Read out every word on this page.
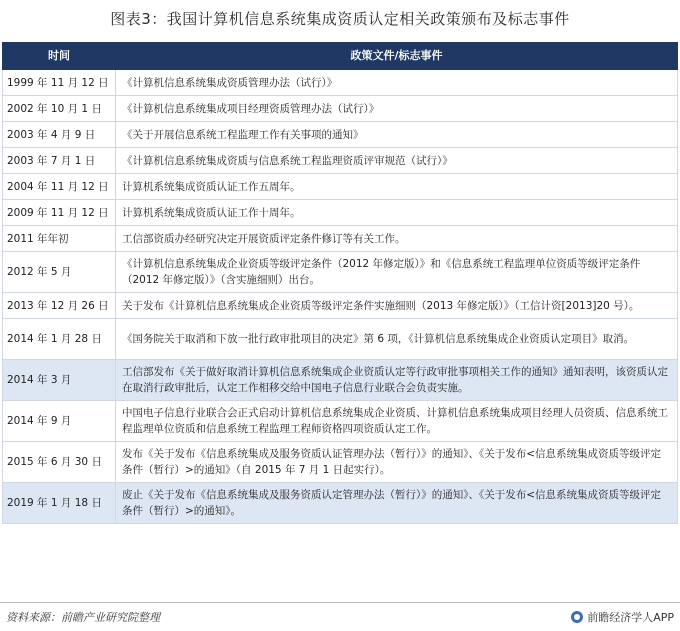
图表3：我国计算机信息系统集成资质认定相关政策颁布及标志事件
时间	政策文件/标志事件
1999 年 11 月 12 日	《计算机信息系统集成资质管理办法（试行）》
2002 年 10 月 1 日	《计算机信息系统集成项目经理资质管理办法（试行）》
2003 年 4 月 9 日	《关于开展信息系统工程监理工作有关事项的通知》
2003 年 7 月 1 日	《计算机信息系统集成资质与信息系统工程监理资质评审规范（试行）》
2004 年 11 月 12 日	计算机系统集成资质认证工作五周年。
2009 年 11 月 12 日	计算机系统集成资质认证工作十周年。
2011 年年初	工信部资质办经研究决定开展资质评定条件修订等有关工作。
2012 年 5 月	《计算机信息系统集成企业资质等级评定条件（2012 年修定版）》和《信息系统工程监理单位资质等级评定条件（2012 年修定版）》（含实施细则）出台。
2013 年 12 月 26 日	关于发布《计算机信息系统集成企业资质等级评定条件实施细则（2013 年修定版）》（工信计资[2013]20 号）。
2014 年 1 月 28 日	《国务院关于取消和下放一批行政审批项目的决定》第 6 项，《计算机信息系统集成企业资质认定项目》取消。
2014 年 3 月	工信部发布《关于做好取消计算机信息系统集成企业资质认定等行政审批事项相关工作的通知》通知表明，该资质认定在取消行政审批后，认定工作相移交给中国电子信息行业联合会负责实施。
2014 年 9 月	中国电子信息行业联合会正式启动计算机信息系统集成企业资质、计算机信息系统集成项目经理人员资质、信息系统工程监理单位资质和信息系统工程监理工程师资格四项资质认定工作。
2015 年 6 月 30 日	发布《关于发布《信息系统集成及服务资质认证管理办法（暂行）》的通知》、《关于发布<信息系统集成资质等级评定条件（暂行）>的通知》（自 2015 年 7 月 1 日起实行）。
2019 年 1 月 18 日	废止《关于发布《信息系统集成及服务资质认定管理办法（暂行）》的通知》、《关于发布<信息系统集成资质等级评定条件（暂行）>的通知》。
资料来源：前瞻产业研究院整理	前瞻经济学人APP
